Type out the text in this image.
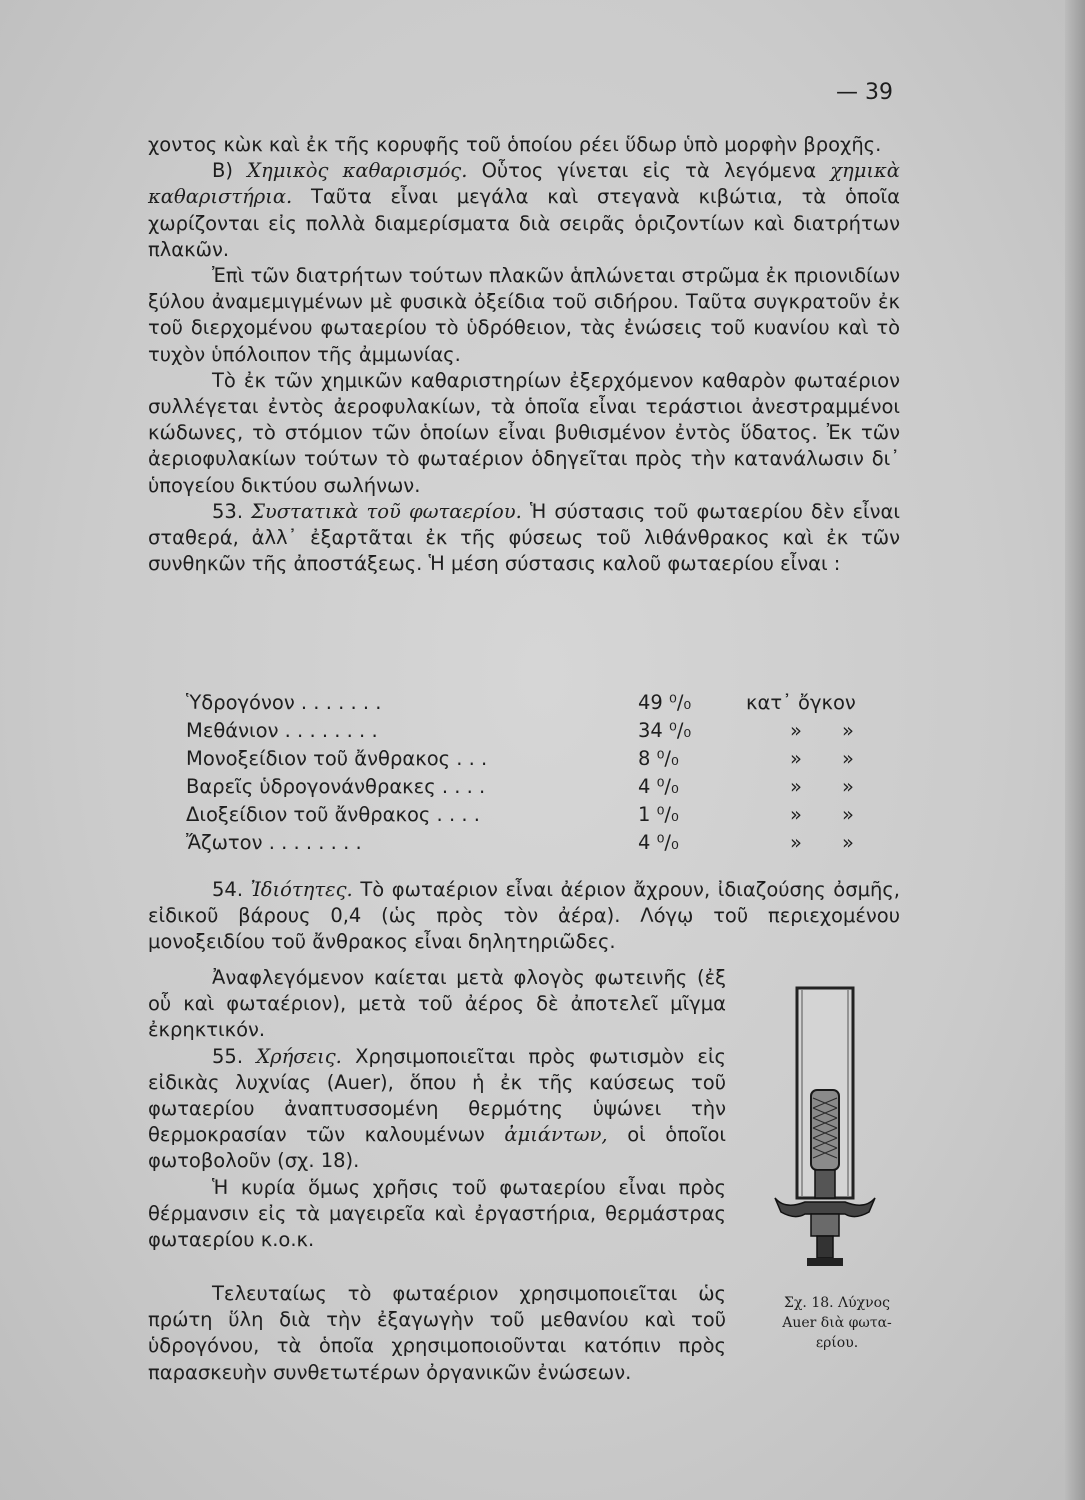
— 39

χοντος κὼκ καὶ ἐκ τῆς κορυφῆς τοῦ ὁποίου ρέει ὕδωρ ὑπὸ μορφὴν βροχῆς.

Β) Χημικὸς καθαρισμός. Οὗτος γίνεται εἰς τὰ λεγόμενα χημικὰ καθαριστήρια. Ταῦτα εἶναι μεγάλα καὶ στεγανὰ κιβώτια, τὰ ὁποῖα χωρίζονται εἰς πολλὰ διαμερίσματα διὰ σειρᾶς ὁριζοντίων καὶ διατρήτων πλακῶν.

Ἐπὶ τῶν διατρήτων τούτων πλακῶν ἁπλώνεται στρῶμα ἐκ πριονιδίων ξύλου ἀναμεμιγμένων μὲ φυσικὰ ὀξείδια τοῦ σιδήρου. Ταῦτα συγκρατοῦν ἐκ τοῦ διερχομένου φωταερίου τὸ ὑδρόθειον, τὰς ἐνώσεις τοῦ κυανίου καὶ τὸ τυχὸν ὑπόλοιπον τῆς ἀμμωνίας.

Τὸ ἐκ τῶν χημικῶν καθαριστηρίων ἐξερχόμενον καθαρὸν φωταέριον συλλέγεται ἐντὸς ἀεροφυλακίων, τὰ ὁποῖα εἶναι τεράστιοι ἀνεστραμμένοι κώδωνες, τὸ στόμιον τῶν ὁποίων εἶναι βυθισμένον ἐντὸς ὕδατος. Ἐκ τῶν ἀεριοφυλακίων τούτων τὸ φωταέριον ὁδηγεῖται πρὸς τὴν κατανάλωσιν δι᾽ ὑπογείου δικτύου σωλήνων.

53. Συστατικὰ τοῦ φωταερίου. Ἡ σύστασις τοῦ φωταερίου δὲν εἶναι σταθερά, ἀλλ᾽ ἐξαρτᾶται ἐκ τῆς φύσεως τοῦ λιθάνθρακος καὶ ἐκ τῶν συνθηκῶν τῆς ἀποστάξεως. Ἡ μέση σύστασις καλοῦ φωταερίου εἶναι :

Ὑδρογόνον . . . . . . .	49 ⁰/₀	κατ᾽ ὄγκον
Μεθάνιον . . . . . . . .	34 ⁰/₀	»	»
Μονοξείδιον τοῦ ἄνθρακος . . .	8 ⁰/₀	»	»
Βαρεῖς ὑδρογονάνθρακες . . . .	4 ⁰/₀	»	»
Διοξείδιον τοῦ ἄνθρακος . . . .	1 ⁰/₀	»	»
Ἄζωτον . . . . . . . .	4 ⁰/₀	»	»

54. Ἰδιότητες. Τὸ φωταέριον εἶναι ἀέριον ἄχρουν, ἰδιαζούσης ὀσμῆς, εἰδικοῦ βάρους 0,4 (ὡς πρὸς τὸν ἀέρα). Λόγῳ τοῦ περιεχομένου μονοξειδίου τοῦ ἄνθρακος εἶναι δηλητηριῶδες.

Ἀναφλεγόμενον καίεται μετὰ φλογὸς φωτεινῆς (ἐξ οὗ καὶ φωταέριον), μετὰ τοῦ ἀέρος δὲ ἀποτελεῖ μῖγμα ἐκρηκτικόν.

55. Χρήσεις. Χρησιμοποιεῖται πρὸς φωτισμὸν εἰς εἰδικὰς λυχνίας (Auer), ὅπου ἡ ἐκ τῆς καύσεως τοῦ φωταερίου ἀναπτυσσομένη θερμότης ὑψώνει τὴν θερμοκρασίαν τῶν καλουμένων ἀμιάντων, οἱ ὁποῖοι φωτοβολοῦν (σχ. 18).

Ἡ κυρία ὅμως χρῆσις τοῦ φωταερίου εἶναι πρὸς θέρμανσιν εἰς τὰ μαγειρεῖα καὶ ἐργαστήρια, θερμάστρας φωταερίου κ.ο.κ.

Τελευταίως τὸ φωταέριον χρησιμοποιεῖται ὡς πρώτη ὕλη διὰ τὴν ἐξαγωγὴν τοῦ μεθανίου καὶ τοῦ ὑδρογόνου, τὰ ὁποῖα χρησιμοποιοῦνται κατόπιν πρὸς παρασκευὴν συνθετωτέρων ὀργανικῶν ἐνώσεων.

Σχ. 18. Λύχνος
Auer διὰ φωτα-
ερίου.
